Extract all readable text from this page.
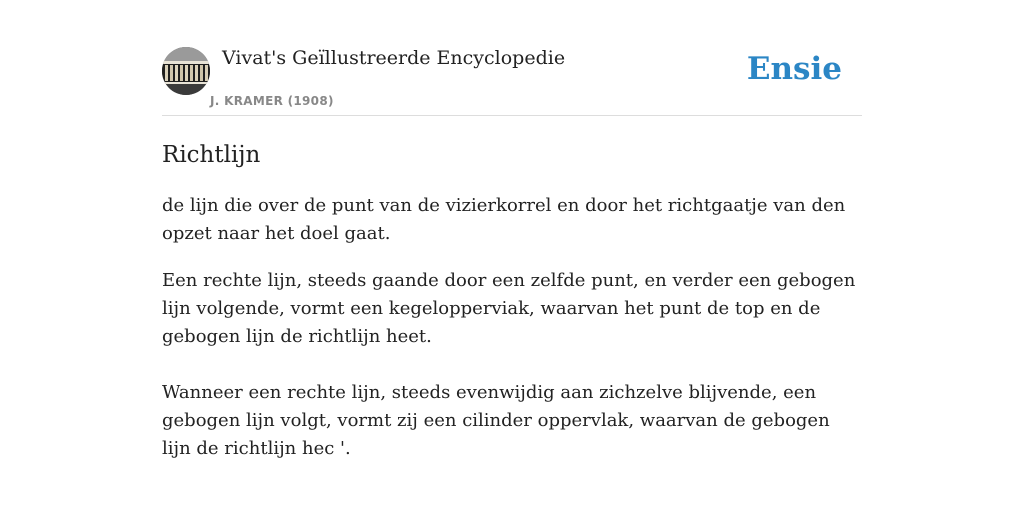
Vivat's Geïllustreerde Encyclopedie
J. KRAMER (1908)
Ensie
Richtlijn

de lijn die over de punt van de vizierkorrel en door het richtgaatje van den opzet naar het doel gaat.

Een rechte lijn, steeds gaande door een zelfde punt, en verder een gebogen lijn volgende, vormt een kegelopperviak, waarvan het punt de top en de gebogen lijn de richtlijn heet.

Wanneer een rechte lijn, steeds evenwijdig aan zichzelve blijvende, een gebogen lijn volgt, vormt zij een cilinder oppervlak, waarvan de gebogen lijn de richtlijn hec '.
